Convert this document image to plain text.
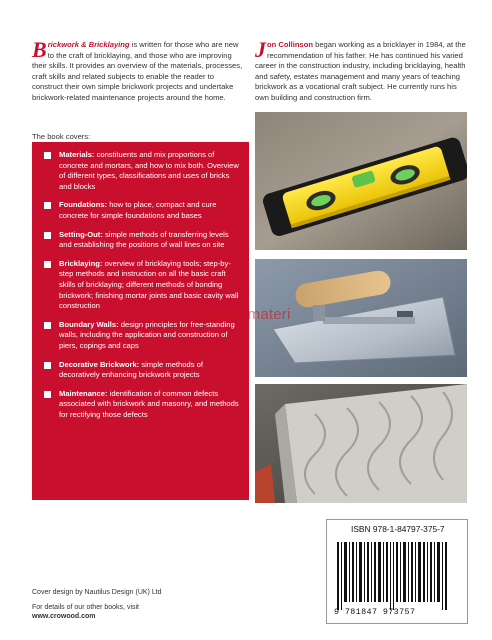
Brickwork & Bricklaying is written for those who are new to the craft of bricklaying, and those who are improving their skills. It provides an overview of the materials, processes, craft skills and related subjects to enable the reader to construct their own simple brickwork projects and undertake brickwork-related maintenance projects around the home.
The book covers:
Jon Collinson began working as a bricklayer in 1984, at the recommendation of his father. He has continued his varied career in the construction industry, including bricklaying, health and safety, estates management and many years of teaching brickwork as a vocational craft subject. He currently runs his own building and construction firm.
Materials: constituents and mix proportions of concrete and mortars, and how to mix both. Overview of different types, classifications and uses of bricks and blocks
Foundations: how to place, compact and cure concrete for simple foundations and bases
Setting-Out: simple methods of transferring levels and establishing the positions of wall lines on site
Bricklaying: overview of bricklaying tools; step-by-step methods and instruction on all the basic craft skills of bricklaying; different methods of bonding brickwork; finishing mortar joints and basic cavity wall construction
Boundary Walls: design principles for free-standing walls, including the application and construction of piers, copings and caps
Decorative Brickwork: simple methods of decoratively enhancing brickwork projects
Maintenance: identification of common defects associated with brickwork and masonry, and methods for rectifying those defects
righted materi
ISBN 978-1-84797-375-7
9 781847 973757
Cover design by Nautilus Design (UK) Ltd
For details of our other books, visit
www.crowood.com
